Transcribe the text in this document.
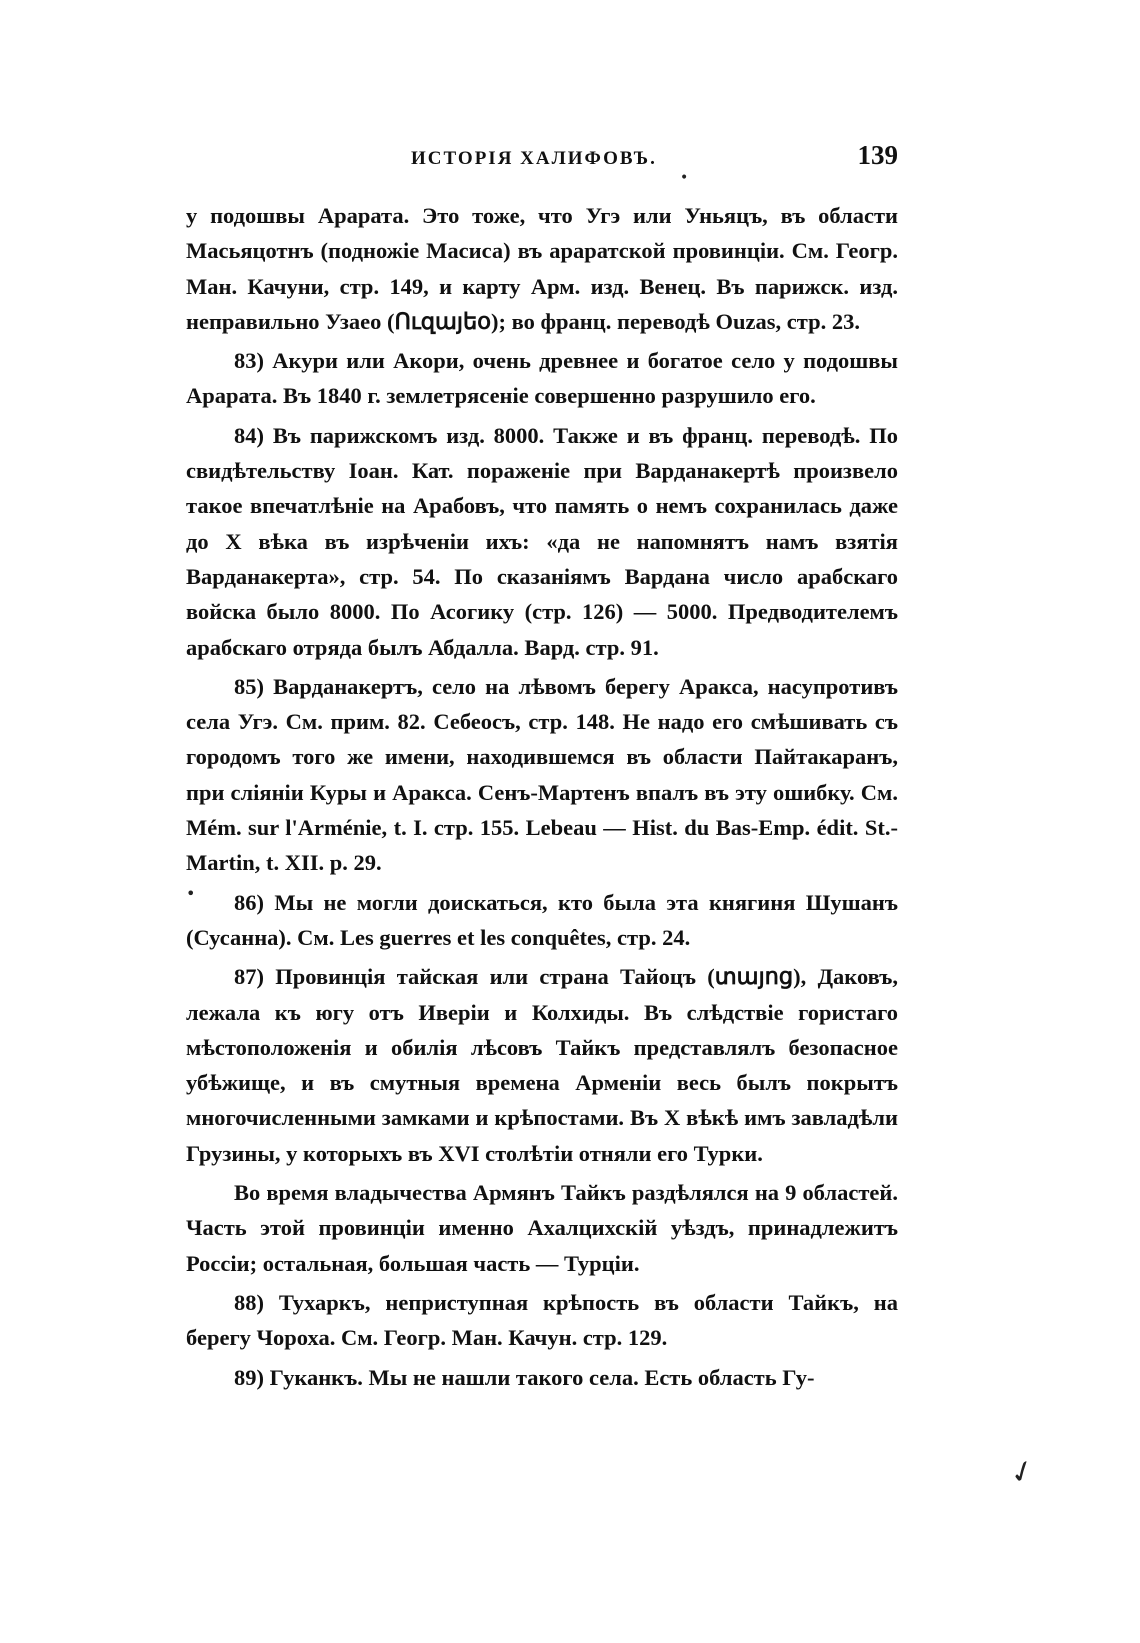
ИСТОРІЯ ХАЛИФОВЪ.	139
•
•
✓

у подошвы Арарата. Это тоже, что Угэ или Уньяцъ, въ области Масьяцотнъ (подножіе Масиса) въ араратской провинціи. См. Геогр. Ман. Качуни, стр. 149, и карту Арм. изд. Венец. Въ парижск. изд. неправильно Узаео (Ուզայեօ); во франц. переводѣ Ouzas, стр. 23.

83) Акури или Акори, очень древнее и богатое село у подошвы Арарата. Въ 1840 г. землетрясеніе совершенно разрушило его.

84) Въ парижскомъ изд. 8000. Также и въ франц. переводѣ. По свидѣтельству Іоан. Кат. пораженіе при Варданакертѣ произвело такое впечатлѣніе на Арабовъ, что память о немъ сохранилась даже до X вѣка въ изрѣченіи ихъ: «да не напомнятъ намъ взятія Варданакерта», стр. 54. По сказаніямъ Вардана число арабскаго войска было 8000. По Асогику (стр. 126) — 5000. Предводителемъ арабскаго отряда былъ Абдалла. Вард. стр. 91.

85) Варданакертъ, село на лѣвомъ берегу Аракса, насупротивъ села Угэ. См. прим. 82. Себеосъ, стр. 148. Не надо его смѣшивать съ городомъ того же имени, находившемся въ области Пайтакаранъ, при сліяніи Куры и Аракса. Сенъ-Мартенъ впалъ въ эту ошибку. См. Mém. sur l'Arménie, t. I. стр. 155. Lebeau — Hist. du Bas-Emp. édit. St.-Martin, t. XII. p. 29.

86) Мы не могли доискаться, кто была эта княгиня Шушанъ (Сусанна). См. Les guerres et les conquêtes, стр. 24.

87) Провинція тайская или страна Тайоцъ (տայոց), Даковъ, лежала къ югу отъ Иверіи и Колхиды. Въ слѣдствіе гористаго мѣстоположенія и обилія лѣсовъ Тайкъ представлялъ безопасное убѣжище, и въ смутныя времена Арменіи весь былъ покрытъ многочисленными замками и крѣпостами. Въ X вѣкѣ имъ завладѣли Грузины, у которыхъ въ XVI столѣтіи отняли его Турки.

Во время владычества Армянъ Тайкъ раздѣлялся на 9 областей. Часть этой провинціи именно Ахалцихскій уѣздъ, принадлежитъ Россіи; остальная, большая часть — Турціи.

88) Тухаркъ, неприступная крѣпость въ области Тайкъ, на берегу Чороха. См. Геогр. Ман. Качун. стр. 129.

89) Гуканкъ. Мы не нашли такого села. Есть область Гу-
